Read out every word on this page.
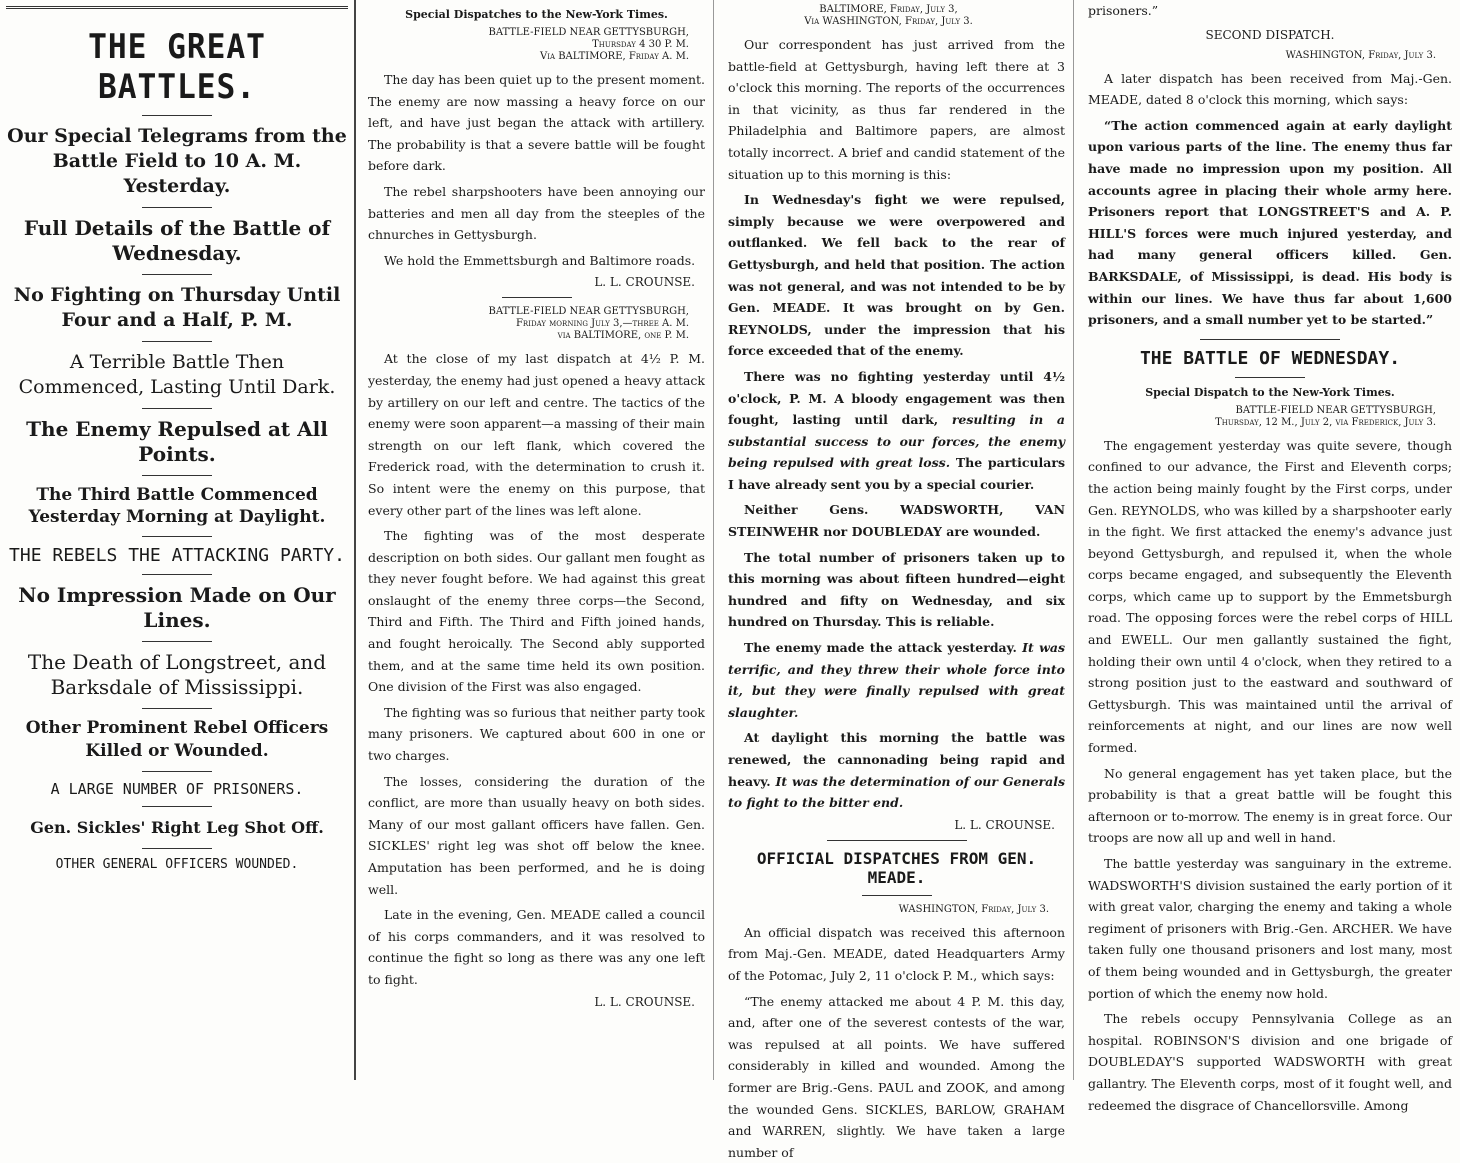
THE GREAT BATTLES.

Our Special Telegrams from the Battle Field to 10 A. M. Yesterday.

Full Details of the Battle of Wednesday.

No Fighting on Thursday Until Four and a Half, P. M.

A Terrible Battle Then Commenced, Lasting Until Dark.

The Enemy Repulsed at All Points.

The Third Battle Commenced Yesterday Morning at Daylight.

THE REBELS THE ATTACKING PARTY.

No Impression Made on Our Lines.

The Death of Longstreet, and Barksdale of Mississippi.

Other Prominent Rebel Officers Killed or Wounded.

A LARGE NUMBER OF PRISONERS.

Gen. Sickles' Right Leg Shot Off.

OTHER GENERAL OFFICERS WOUNDED.

Special Dispatches to the New-York Times.

BATTLE-FIELD NEAR GETTYSBURGH,
Thursday 4 30 P. M.
Via BALTIMORE, Friday A. M.

The day has been quiet up to the present moment. The enemy are now massing a heavy force on our left, and have just began the attack with artillery. The probability is that a severe battle will be fought before dark.

The rebel sharpshooters have been annoying our batteries and men all day from the steeples of the chnurches in Gettysburgh.

We hold the Emmettsburgh and Baltimore roads.

L. L. CROUNSE.

BATTLE-FIELD NEAR GETTYSBURGH,
Friday morning July 3,—three A. M.
via BALTIMORE, one P. M.

At the close of my last dispatch at 4½ P. M. yesterday, the enemy had just opened a heavy attack by artillery on our left and centre. The tactics of the enemy were soon apparent—a massing of their main strength on our left flank, which covered the Frederick road, with the determination to crush it. So intent were the enemy on this purpose, that every other part of the lines was left alone.

The fighting was of the most desperate description on both sides. Our gallant men fought as they never fought before. We had against this great onslaught of the enemy three corps—the Second, Third and Fifth. The Third and Fifth joined hands, and fought heroically. The Second ably supported them, and at the same time held its own position. One division of the First was also engaged.

The fighting was so furious that neither party took many prisoners. We captured about 600 in one or two charges.

The losses, considering the duration of the conflict, are more than usually heavy on both sides. Many of our most gallant officers have fallen. Gen. SICKLES' right leg was shot off below the knee. Amputation has been performed, and he is doing well.

Late in the evening, Gen. MEADE called a council of his corps commanders, and it was resolved to continue the fight so long as there was any one left to fight.

L. L. CROUNSE.

BALTIMORE, Friday, July 3,
Via WASHINGTON, Friday, July 3.

Our correspondent has just arrived from the battle-field at Gettysburgh, having left there at 3 o'clock this morning. The reports of the occurrences in that vicinity, as thus far rendered in the Philadelphia and Baltimore papers, are almost totally incorrect. A brief and candid statement of the situation up to this morning is this:

In Wednesday's fight we were repulsed, simply because we were overpowered and outflanked. We fell back to the rear of Gettysburgh, and held that position. The action was not general, and was not intended to be by Gen. MEADE. It was brought on by Gen. REYNOLDS, under the impression that his force exceeded that of the enemy.

There was no fighting yesterday until 4½ o'clock, P. M. A bloody engagement was then fought, lasting until dark, resulting in a substantial success to our forces, the enemy being repulsed with great loss. The particulars I have already sent you by a special courier.

Neither Gens. WADSWORTH, VAN STEINWEHR nor DOUBLEDAY are wounded.

The total number of prisoners taken up to this morning was about fifteen hundred—eight hundred and fifty on Wednesday, and six hundred on Thursday. This is reliable.

The enemy made the attack yesterday. It was terrific, and they threw their whole force into it, but they were finally repulsed with great slaughter.

At daylight this morning the battle was renewed, the cannonading being rapid and heavy. It was the determination of our Generals to fight to the bitter end.

L. L. CROUNSE.

OFFICIAL DISPATCHES FROM GEN. MEADE.

WASHINGTON, Friday, July 3.

An official dispatch was received this afternoon from Maj.-Gen. MEADE, dated Headquarters Army of the Potomac, July 2, 11 o'clock P. M., which says:

“The enemy attacked me about 4 P. M. this day, and, after one of the severest contests of the war, was repulsed at all points. We have suffered considerably in killed and wounded. Among the former are Brig.-Gens. PAUL and ZOOK, and among the wounded Gens. SICKLES, BARLOW, GRAHAM and WARREN, slightly. We have taken a large number of

prisoners.”

SECOND DISPATCH.

WASHINGTON, Friday, July 3.

A later dispatch has been received from Maj.-Gen. MEADE, dated 8 o'clock this morning, which says:

“The action commenced again at early daylight upon various parts of the line. The enemy thus far have made no impression upon my position. All accounts agree in placing their whole army here. Prisoners report that LONGSTREET'S and A. P. HILL'S forces were much injured yesterday, and had many general officers killed. Gen. BARKSDALE, of Mississippi, is dead. His body is within our lines. We have thus far about 1,600 prisoners, and a small number yet to be started.”

THE BATTLE OF WEDNESDAY.

Special Dispatch to the New-York Times.

BATTLE-FIELD NEAR GETTYSBURGH,
Thursday, 12 M., July 2, via Frederick, July 3.

The engagement yesterday was quite severe, though confined to our advance, the First and Eleventh corps; the action being mainly fought by the First corps, under Gen. REYNOLDS, who was killed by a sharpshooter early in the fight. We first attacked the enemy's advance just beyond Gettysburgh, and repulsed it, when the whole corps became engaged, and subsequently the Eleventh corps, which came up to support by the Emmetsburgh road. The opposing forces were the rebel corps of HILL and EWELL. Our men gallantly sustained the fight, holding their own until 4 o'clock, when they retired to a strong position just to the eastward and southward of Gettysburgh. This was maintained until the arrival of reinforcements at night, and our lines are now well formed.

No general engagement has yet taken place, but the probability is that a great battle will be fought this afternoon or to-morrow. The enemy is in great force. Our troops are now all up and well in hand.

The battle yesterday was sanguinary in the extreme. WADSWORTH'S division sustained the early portion of it with great valor, charging the enemy and taking a whole regiment of prisoners with Brig.-Gen. ARCHER. We have taken fully one thousand prisoners and lost many, most of them being wounded and in Gettysburgh, the greater portion of which the enemy now hold.

The rebels occupy Pennsylvania College as an hospital. ROBINSON'S division and one brigade of DOUBLEDAY'S supported WADSWORTH with great gallantry. The Eleventh corps, most of it fought well, and redeemed the disgrace of Chancellorsville. Among
